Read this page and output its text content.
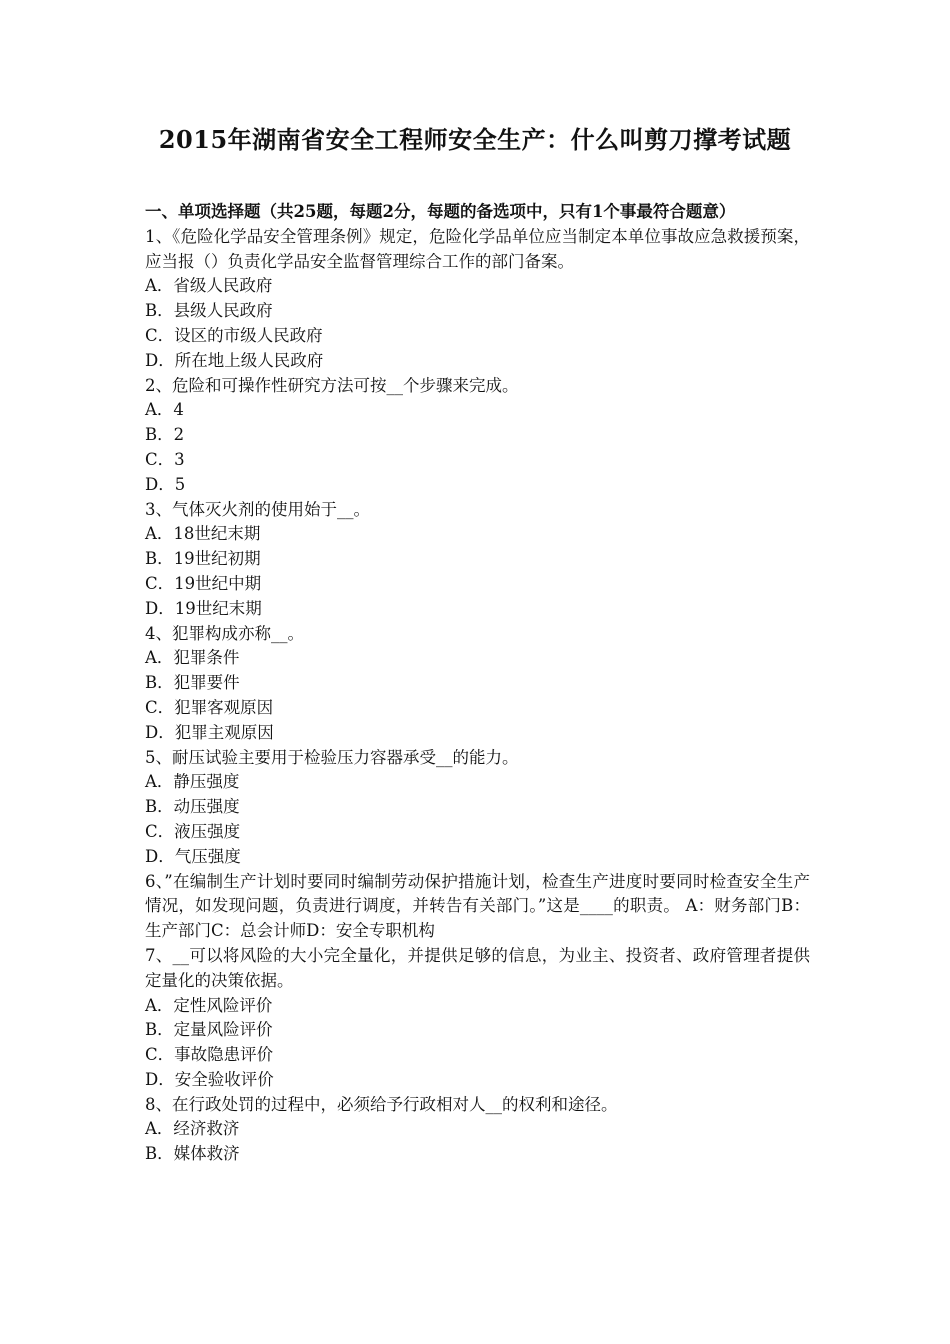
2015年湖南省安全工程师安全生产：什么叫剪刀撑考试题
一、单项选择题（共25题，每题2分，每题的备选项中，只有1个事最符合题意）
1、《危险化学品安全管理条例》规定，危险化学品单位应当制定本单位事故应急救援预案，应当报（）负责化学品安全监督管理综合工作的部门备案。
A．省级人民政府
B．县级人民政府
C．设区的市级人民政府
D．所在地上级人民政府
2、危险和可操作性研究方法可按__个步骤来完成。
A．4
B．2
C．3
D．5
3、气体灭火剂的使用始于__。
A．18世纪末期
B．19世纪初期
C．19世纪中期
D．19世纪末期
4、犯罪构成亦称__。
A．犯罪条件
B．犯罪要件
C．犯罪客观原因
D．犯罪主观原因
5、耐压试验主要用于检验压力容器承受__的能力。
A．静压强度
B．动压强度
C．液压强度
D．气压强度
6、”在编制生产计划时要同时编制劳动保护措施计划，检查生产进度时要同时检查安全生产情况，如发现问题，负责进行调度，并转告有关部门。”这是____的职责。 A：财务部门B：生产部门C：总会计师D：安全专职机构
7、__可以将风险的大小完全量化，并提供足够的信息，为业主、投资者、政府管理者提供定量化的决策依据。
A．定性风险评价
B．定量风险评价
C．事故隐患评价
D．安全验收评价
8、在行政处罚的过程中，必须给予行政相对人__的权利和途径。
A．经济救济
B．媒体救济
